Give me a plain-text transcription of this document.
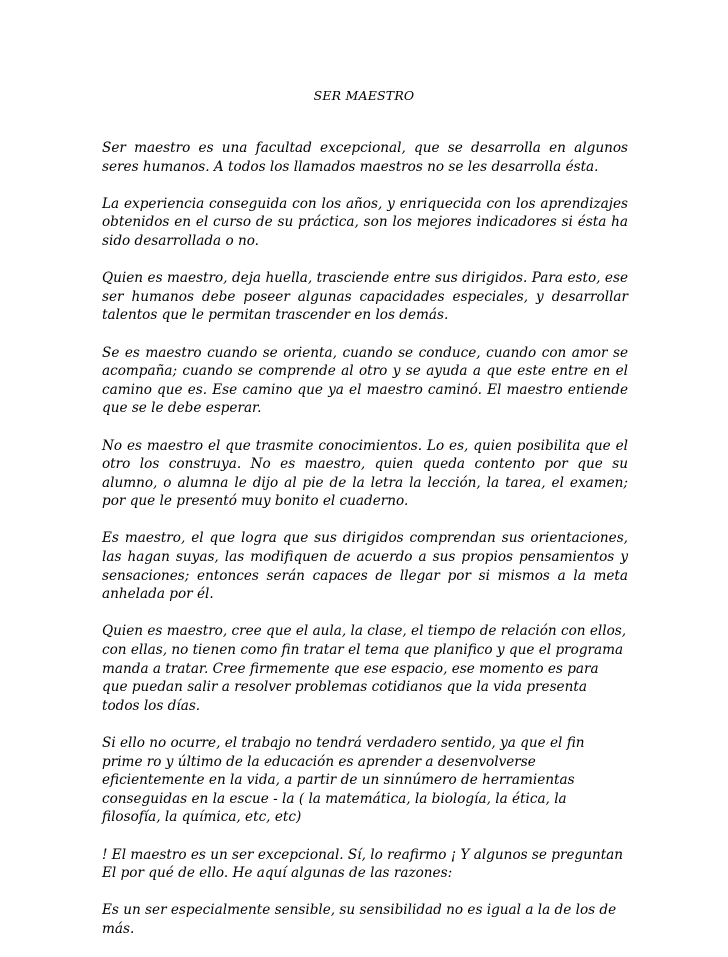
SER MAESTRO

Ser maestro es una facultad excepcional, que se desarrolla en algunos seres humanos. A todos los llamados maestros no se les desarrolla ésta.

La experiencia conseguida con los años, y enriquecida con los aprendizajes obtenidos en el curso de su práctica, son los mejores indicadores si ésta ha sido desarrollada o no.

Quien es maestro, deja huella, trasciende entre sus dirigidos. Para esto, ese ser humanos debe poseer algunas capacidades especiales, y desarrollar talentos que le permitan trascender en los demás.

Se es maestro cuando se orienta, cuando se conduce, cuando con amor se acompaña; cuando se comprende al otro y se ayuda a que este entre en el camino que es. Ese camino que ya el maestro caminó. El maestro entiende que se le debe esperar.

No es maestro el que trasmite conocimientos. Lo es, quien posibilita que el otro los construya. No es maestro, quien queda contento por que su alumno, o alumna le dijo al pie de la letra la lección, la tarea, el examen; por que le presentó muy bonito el cuaderno.

Es maestro, el que logra que sus dirigidos comprendan sus orientaciones, las hagan suyas, las modifiquen de acuerdo a sus propios pensamientos y sensaciones; entonces serán capaces de llegar por si mismos a la meta anhelada por él.

Quien es maestro, cree que el aula, la clase, el tiempo de relación con ellos, con ellas, no tienen como fin tratar el tema que planifico y que el programa manda a tratar. Cree firmemente que ese espacio, ese momento es para que puedan salir a resolver problemas cotidianos que la vida presenta todos los días.

Si ello no ocurre, el trabajo no tendrá verdadero sentido, ya que el fin prime ro y último de la educación es aprender a desenvolverse eficientemente en la vida, a partir de un sinnúmero de herramientas conseguidas en la escue - la ( la matemática, la biología, la ética, la filosofía, la química, etc, etc)

! El maestro es un ser excepcional. Sí, lo reafirmo ¡ Y algunos se preguntan El por qué de ello. He aquí algunas de las razones:

Es un ser especialmente sensible, su sensibilidad no es igual a la de los de más.
